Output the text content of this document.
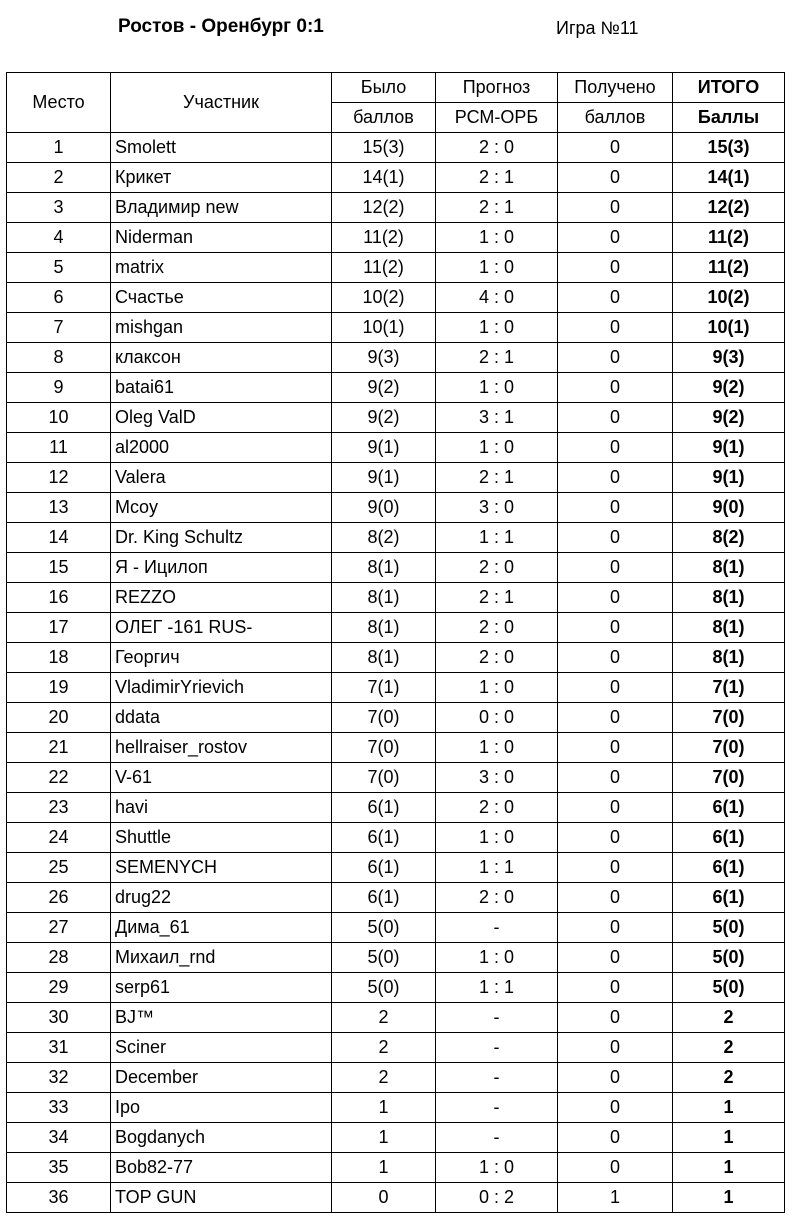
Ростов - Оренбург 0:1	Игра №11
Место	Участник	Было	Прогноз	Получено	ИТОГО
		баллов	РСМ-ОРБ	баллов	Баллы
1	Smolett	15(3)	2 : 0	0	15(3)
2	Крикет	14(1)	2 : 1	0	14(1)
3	Владимир new	12(2)	2 : 1	0	12(2)
4	Niderman	11(2)	1 : 0	0	11(2)
5	matrix	11(2)	1 : 0	0	11(2)
6	Счастье	10(2)	4 : 0	0	10(2)
7	mishgan	10(1)	1 : 0	0	10(1)
8	клаксон	9(3)	2 : 1	0	9(3)
9	batai61	9(2)	1 : 0	0	9(2)
10	Oleg ValD	9(2)	3 : 1	0	9(2)
11	al2000	9(1)	1 : 0	0	9(1)
12	Valera	9(1)	2 : 1	0	9(1)
13	Mcoy	9(0)	3 : 0	0	9(0)
14	Dr. King Schultz	8(2)	1 : 1	0	8(2)
15	Я - Ицилоп	8(1)	2 : 0	0	8(1)
16	REZZO	8(1)	2 : 1	0	8(1)
17	ОЛЕГ -161 RUS-	8(1)	2 : 0	0	8(1)
18	Георгич	8(1)	2 : 0	0	8(1)
19	VladimirYrievich	7(1)	1 : 0	0	7(1)
20	ddata	7(0)	0 : 0	0	7(0)
21	hellraiser_rostov	7(0)	1 : 0	0	7(0)
22	V-61	7(0)	3 : 0	0	7(0)
23	havi	6(1)	2 : 0	0	6(1)
24	Shuttle	6(1)	1 : 0	0	6(1)
25	SEMENYCH	6(1)	1 : 1	0	6(1)
26	drug22	6(1)	2 : 0	0	6(1)
27	Дима_61	5(0)	-	0	5(0)
28	Михаил_rnd	5(0)	1 : 0	0	5(0)
29	serp61	5(0)	1 : 1	0	5(0)
30	BJ™	2	-	0	2
31	Sciner	2	-	0	2
32	December	2	-	0	2
33	Ipo	1	-	0	1
34	Bogdanych	1	-	0	1
35	Bob82-77	1	1 : 0	0	1
36	TOP GUN	0	0 : 2	1	1
